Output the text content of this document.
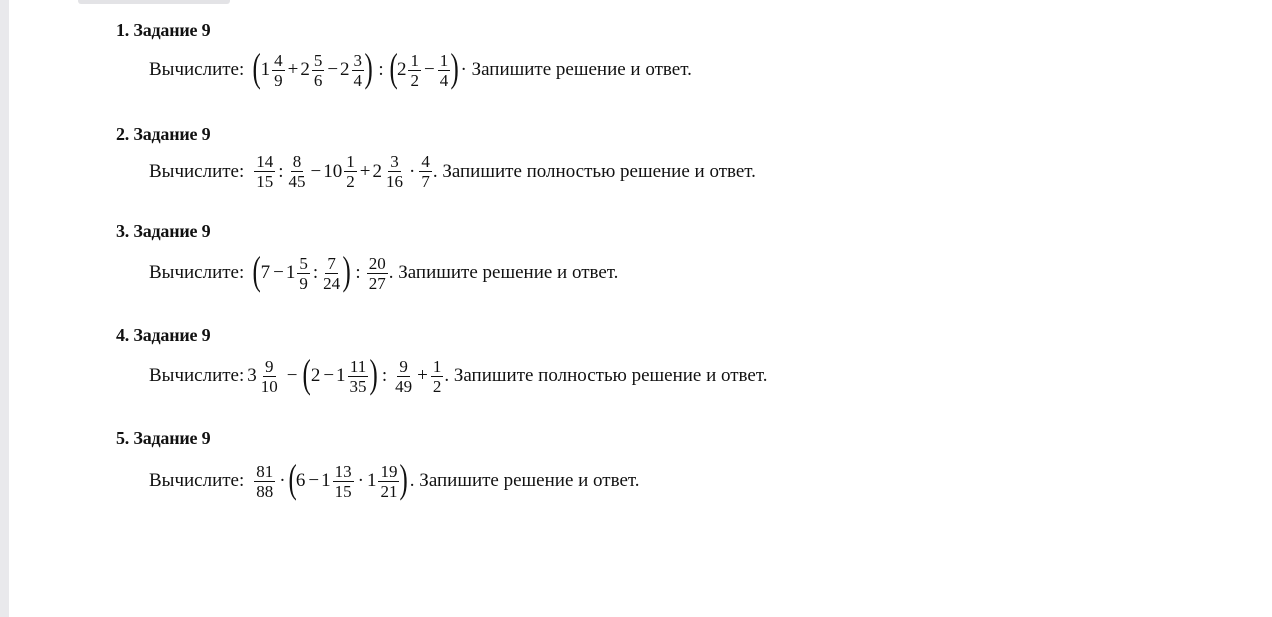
1. Задание 9
Вычислите: ( $1 \frac{4}{9} + 2 \frac{5}{6} - 2 \frac{3}{4}$ ) : ( $2 \frac{1}{2} - \frac{1}{4}$ ) · Запишите решение и ответ.
2. Задание 9
Вычислите: $\frac{14}{15}$ : $\frac{8}{45} - 10 \frac{1}{2} + 2 \frac{3}{16} \cdot \frac{4}{7}$ . Запишите полностью решение и ответ.
3. Задание 9
Вычислите: ( $7 - 1 \frac{5}{9}$ : $\frac{7}{24}$ ) : $\frac{20}{27}$ . Запишите решение и ответ.
4. Задание 9
Вычислите: $3 \frac{9}{10}$ − ( $2 - 1 \frac{11}{35}$ ) : $\frac{9}{49} + \frac{1}{2}$ . Запишите полностью решение и ответ.
5. Задание 9
Вычислите: $\frac{81}{88}$ · ( $6 - 1 \frac{13}{15} \cdot 1 \frac{19}{21}$ ) . Запишите решение и ответ.
